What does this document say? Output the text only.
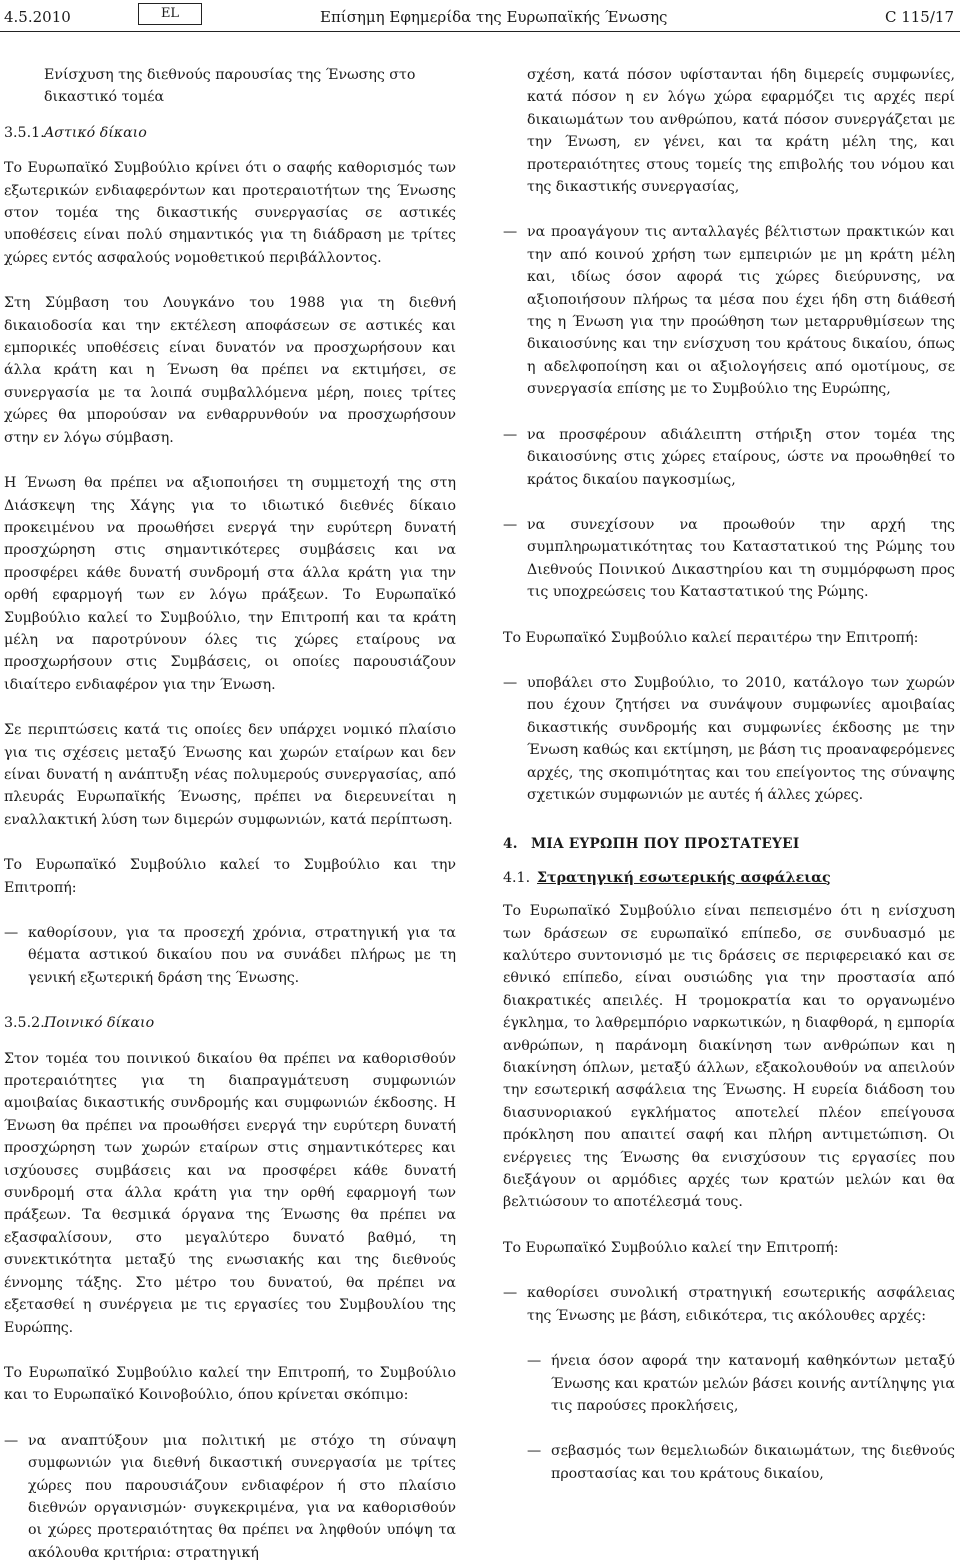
4.5.2010	EL	Επίσημη Εφημερίδα της Ευρωπαϊκής Ένωσης	C 115/17

Ενίσχυση της διεθνούς παρουσίας της Ένωσης στο δικαστικό τομέα

3.5.1.Αστικό δίκαιο

Το Ευρωπαϊκό Συμβούλιο κρίνει ότι ο σαφής καθορισμός των εξωτερικών ενδιαφερόντων και προτεραιοτήτων της Ένωσης στον τομέα της δικαστικής συνεργασίας σε αστικές υποθέσεις είναι πολύ σημαντικός για τη διάδραση με τρίτες χώρες εντός ασφαλούς νομοθετικού περιβάλλοντος.

Στη Σύμβαση του Λουγκάνο του 1988 για τη διεθνή δικαιοδοσία και την εκτέλεση αποφάσεων σε αστικές και εμπορικές υποθέσεις είναι δυνατόν να προσχωρήσουν και άλλα κράτη και η Ένωση θα πρέπει να εκτιμήσει, σε συνεργασία με τα λοιπά συμβαλλόμενα μέρη, ποιες τρίτες χώρες θα μπορούσαν να ενθαρρυνθούν να προσχωρήσουν στην εν λόγω σύμβαση.

Η Ένωση θα πρέπει να αξιοποιήσει τη συμμετοχή της στη Διάσκεψη της Χάγης για το ιδιωτικό διεθνές δίκαιο προκειμένου να προωθήσει ενεργά την ευρύτερη δυνατή προσχώρηση στις σημαντικότερες συμβάσεις και να προσφέρει κάθε δυνατή συνδρομή στα άλλα κράτη για την ορθή εφαρμογή των εν λόγω πράξεων. Το Ευρωπαϊκό Συμβούλιο καλεί το Συμβούλιο, την Επιτροπή και τα κράτη μέλη να παροτρύνουν όλες τις χώρες εταίρους να προσχωρήσουν στις Συμβάσεις, οι οποίες παρουσιάζουν ιδιαίτερο ενδιαφέρον για την Ένωση.

Σε περιπτώσεις κατά τις οποίες δεν υπάρχει νομικό πλαίσιο για τις σχέσεις μεταξύ Ένωσης και χωρών εταίρων και δεν είναι δυνατή η ανάπτυξη νέας πολυμερούς συνεργασίας, από πλευράς Ευρωπαϊκής Ένωσης, πρέπει να διερευνείται η εναλλακτική λύση των διμερών συμφωνιών, κατά περίπτωση.

Το Ευρωπαϊκό Συμβούλιο καλεί το Συμβούλιο και την Επιτροπή:

— καθορίσουν, για τα προσεχή χρόνια, στρατηγική για τα θέματα αστικού δικαίου που να συνάδει πλήρως με τη γενική εξωτερική δράση της Ένωσης.

3.5.2.Ποινικό δίκαιο

Στον τομέα του ποινικού δικαίου θα πρέπει να καθορισθούν προτεραιότητες για τη διαπραγμάτευση συμφωνιών αμοιβαίας δικαστικής συνδρομής και συμφωνιών έκδοσης. Η Ένωση θα πρέπει να προωθήσει ενεργά την ευρύτερη δυνατή προσχώρηση των χωρών εταίρων στις σημαντικότερες και ισχύουσες συμβάσεις και να προσφέρει κάθε δυνατή συνδρομή στα άλλα κράτη για την ορθή εφαρμογή των πράξεων. Τα θεσμικά όργανα της Ένωσης θα πρέπει να εξασφαλίσουν, στο μεγαλύτερο δυνατό βαθμό, τη συνεκτικότητα μεταξύ της ενωσιακής και της διεθνούς έννομης τάξης. Στο μέτρο του δυνατού, θα πρέπει να εξετασθεί η συνέργεια με τις εργασίες του Συμβουλίου της Ευρώπης.

Το Ευρωπαϊκό Συμβούλιο καλεί την Επιτροπή, το Συμβούλιο και το Ευρωπαϊκό Κοινοβούλιο, όπου κρίνεται σκόπιμο:

— να αναπτύξουν μια πολιτική με στόχο τη σύναψη συμφωνιών για διεθνή δικαστική συνεργασία με τρίτες χώρες που παρουσιάζουν ενδιαφέρον ή στο πλαίσιο διεθνών οργανισμών· συγκεκριμένα, για να καθορισθούν οι χώρες προτεραιότητας θα πρέπει να ληφθούν υπόψη τα ακόλουθα κριτήρια: στρατηγική

σχέση, κατά πόσον υφίστανται ήδη διμερείς συμφωνίες, κατά πόσον η εν λόγω χώρα εφαρμόζει τις αρχές περί δικαιωμάτων του ανθρώπου, κατά πόσον συνεργάζεται με την Ένωση, εν γένει, και τα κράτη μέλη της, και προτεραιότητες στους τομείς της επιβολής του νόμου και της δικαστικής συνεργασίας,

— να προαγάγουν τις ανταλλαγές βέλτιστων πρακτικών και την από κοινού χρήση των εμπειριών με μη κράτη μέλη και, ιδίως όσον αφορά τις χώρες διεύρυνσης, να αξιοποιήσουν πλήρως τα μέσα που έχει ήδη στη διάθεσή της η Ένωση για την προώθηση των μεταρρυθμίσεων της δικαιοσύνης και την ενίσχυση του κράτους δικαίου, όπως η αδελφοποίηση και οι αξιολογήσεις από ομοτίμους, σε συνεργασία επίσης με το Συμβούλιο της Ευρώπης,

— να προσφέρουν αδιάλειπτη στήριξη στον τομέα της δικαιοσύνης στις χώρες εταίρους, ώστε να προωθηθεί το κράτος δικαίου παγκοσμίως,

— να συνεχίσουν να προωθούν την αρχή της συμπληρωματικότητας του Καταστατικού της Ρώμης του Διεθνούς Ποινικού Δικαστηρίου και τη συμμόρφωση προς τις υποχρεώσεις του Καταστατικού της Ρώμης.

Το Ευρωπαϊκό Συμβούλιο καλεί περαιτέρω την Επιτροπή:

— υποβάλει στο Συμβούλιο, το 2010, κατάλογο των χωρών που έχουν ζητήσει να συνάψουν συμφωνίες αμοιβαίας δικαστικής συνδρομής και συμφωνίες έκδοσης με την Ένωση καθώς και εκτίμηση, με βάση τις προαναφερόμενες αρχές, της σκοπιμότητας και του επείγοντος της σύναψης σχετικών συμφωνιών με αυτές ή άλλες χώρες.

4. ΜΙΑ ΕΥΡΩΠΗ ΠΟΥ ΠΡΟΣΤΑΤΕΥΕΙ

4.1. Στρατηγική εσωτερικής ασφάλειας

Το Ευρωπαϊκό Συμβούλιο είναι πεπεισμένο ότι η ενίσχυση των δράσεων σε ευρωπαϊκό επίπεδο, σε συνδυασμό με καλύτερο συντονισμό με τις δράσεις σε περιφερειακό και σε εθνικό επίπεδο, είναι ουσιώδης για την προστασία από διακρατικές απειλές. Η τρομοκρατία και το οργανωμένο έγκλημα, το λαθρεμπόριο ναρκωτικών, η διαφθορά, η εμπορία ανθρώπων, η παράνομη διακίνηση των ανθρώπων και η διακίνηση όπλων, μεταξύ άλλων, εξακολουθούν να απειλούν την εσωτερική ασφάλεια της Ένωσης. Η ευρεία διάδοση του διασυνοριακού εγκλήματος αποτελεί πλέον επείγουσα πρόκληση που απαιτεί σαφή και πλήρη αντιμετώπιση. Οι ενέργειες της Ένωσης θα ενισχύσουν τις εργασίες που διεξάγουν οι αρμόδιες αρχές των κρατών μελών και θα βελτιώσουν το αποτέλεσμά τους.

Το Ευρωπαϊκό Συμβούλιο καλεί την Επιτροπή:

— καθορίσει συνολική στρατηγική εσωτερικής ασφάλειας της Ένωσης με βάση, ειδικότερα, τις ακόλουθες αρχές:

— ήνεια όσον αφορά την κατανομή καθηκόντων μεταξύ Ένωσης και κρατών μελών βάσει κοινής αντίληψης για τις παρούσες προκλήσεις,

— σεβασμός των θεμελιωδών δικαιωμάτων, της διεθνούς προστασίας και του κράτους δικαίου,
